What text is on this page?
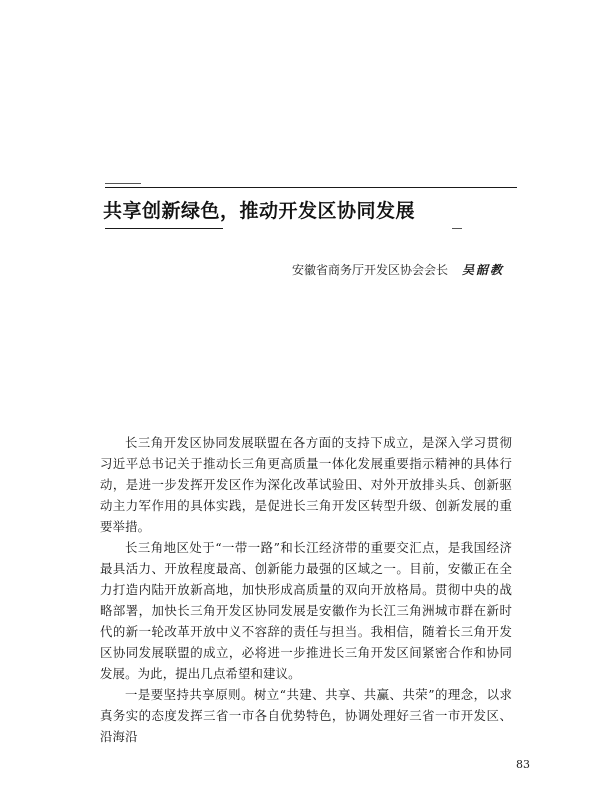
共享创新绿色，推动开发区协同发展
安徽省商务厅开发区协会会长 吴韶教

长三角开发区协同发展联盟在各方面的支持下成立，是深入学习贯彻习近平总书记关于推动长三角更高质量一体化发展重要指示精神的具体行动，是进一步发挥开发区作为深化改革试验田、对外开放排头兵、创新驱动主力军作用的具体实践，是促进长三角开发区转型升级、创新发展的重要举措。

长三角地区处于“一带一路”和长江经济带的重要交汇点，是我国经济最具活力、开放程度最高、创新能力最强的区域之一。目前，安徽正在全力打造内陆开放新高地，加快形成高质量的双向开放格局。贯彻中央的战略部署，加快长三角开发区协同发展是安徽作为长江三角洲城市群在新时代的新一轮改革开放中义不容辞的责任与担当。我相信，随着长三角开发区协同发展联盟的成立，必将进一步推进长三角开发区间紧密合作和协同发展。为此，提出几点希望和建议。

一是要坚持共享原则。树立“共建、共享、共赢、共荣”的理念，以求真务实的态度发挥三省一市各自优势特色，协调处理好三省一市开发区、沿海沿

83
